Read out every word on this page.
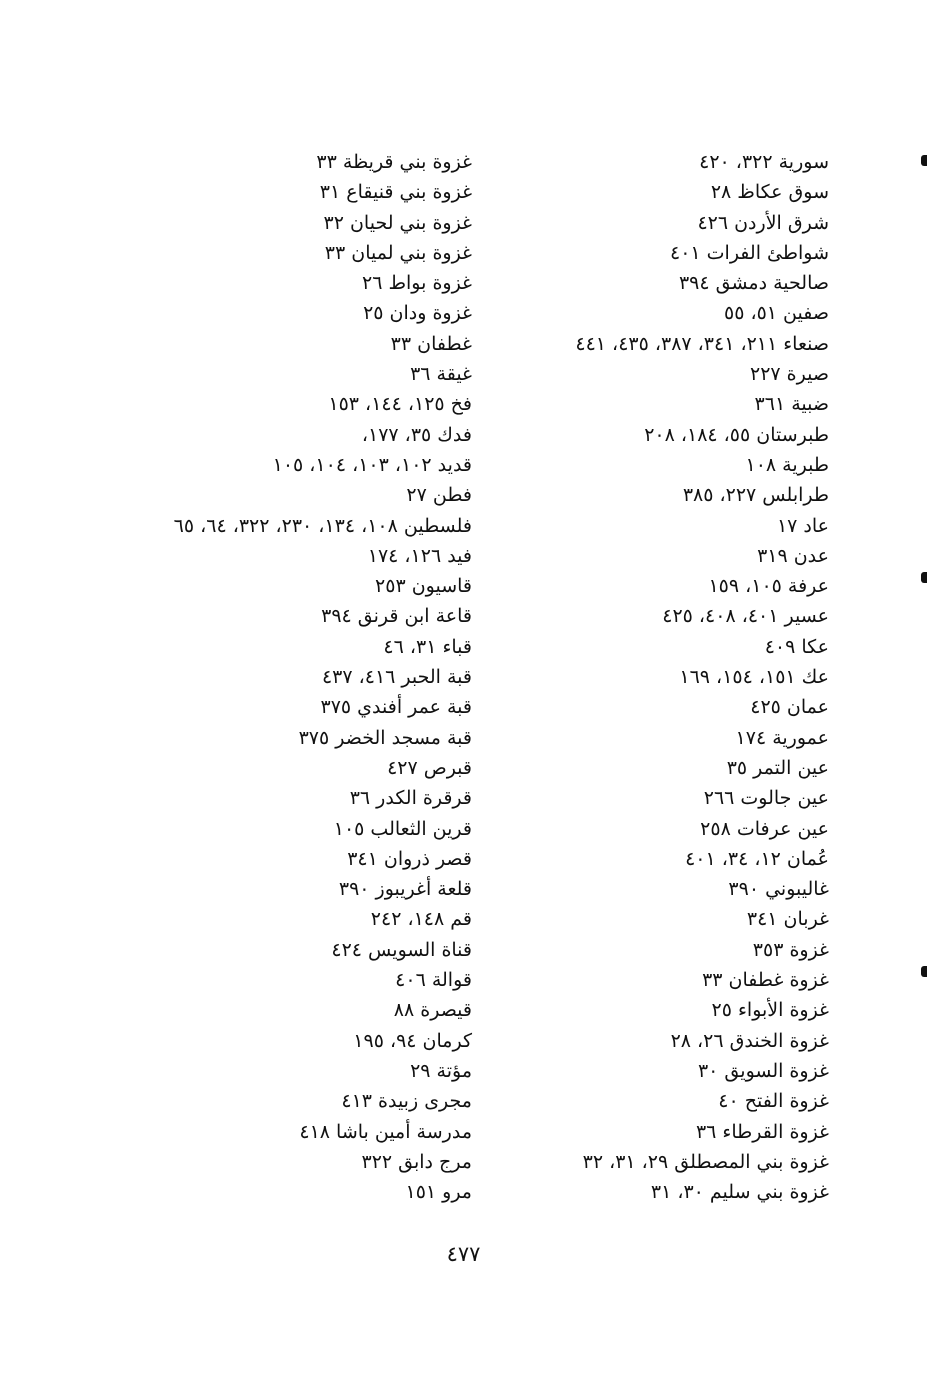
سورية ٣٢٢، ٤٢٠
سوق عكاظ ٢٨
شرق الأردن ٤٢٦
شواطئ الفرات ٤٠١
صالحية دمشق ٣٩٤
صفين ٥١، ٥٥
صنعاء ٢١١، ٣٤١، ٣٨٧، ٤٣٥، ٤٤١
صيرة ٢٢٧
ضبية ٣٦١
طبرستان ٥٥، ١٨٤، ٢٠٨
طبرية ١٠٨
طرابلس ٢٢٧، ٣٨٥
عاد ١٧
عدن ٣١٩
عرفة ١٠٥، ١٥٩
عسير ٤٠١، ٤٠٨، ٤٢٥
عكا ٤٠٩
عك ١٥١، ١٥٤، ١٦٩
عمان ٤٢٥
عمورية ١٧٤
عين التمر ٣٥
عين جالوت ٢٦٦
عين عرفات ٢٥٨
عُمان ١٢، ٣٤، ٤٠١
غاليبوني ٣٩٠
غربان ٣٤١
غزوة ٣٥٣
غزوة غطفان ٣٣
غزوة الأبواء ٢٥
غزوة الخندق ٢٦، ٢٨
غزوة السويق ٣٠
غزوة الفتح ٤٠
غزوة القرطاء ٣٦
غزوة بني المصطلق ٢٩، ٣١، ٣٢
غزوة بني سليم ٣٠، ٣١
غزوة بني قريظة ٣٣
غزوة بني قنيقاع ٣١
غزوة بني لحيان ٣٢
غزوة بني لميان ٣٣
غزوة بواط ٢٦
غزوة ودان ٢٥
غطفان ٣٣
غيقة ٣٦
فخ ١٢٥، ١٤٤، ١٥٣
فدك ٣٥، ١٧٧،
قديد ١٠٢، ١٠٣، ١٠٤، ١٠٥
فطن ٢٧
فلسطين ١٠٨، ١٣٤، ٢٣٠، ٣٢٢، ٦٤، ٦٥
فيد ١٢٦، ١٧٤
قاسيون ٢٥٣
قاعة ابن قرنق ٣٩٤
قباء ٣١، ٤٦
قبة الحبر ٤١٦، ٤٣٧
قبة عمر أفندي ٣٧٥
قبة مسجد الخضر ٣٧٥
قبرص ٤٢٧
قرقرة الكدر ٣٦
قرين الثعالب ١٠٥
قصر ذروان ٣٤١
قلعة أغريبوز ٣٩٠
قم ١٤٨، ٢٤٢
قناة السويس ٤٢٤
قوالة ٤٠٦
قيصرة ٨٨
كرمان ٩٤، ١٩٥
مؤتة ٢٩
مجرى زبيدة ٤١٣
مدرسة أمين باشا ٤١٨
مرج دابق ٣٢٢
مرو ١٥١
٤٧٧
